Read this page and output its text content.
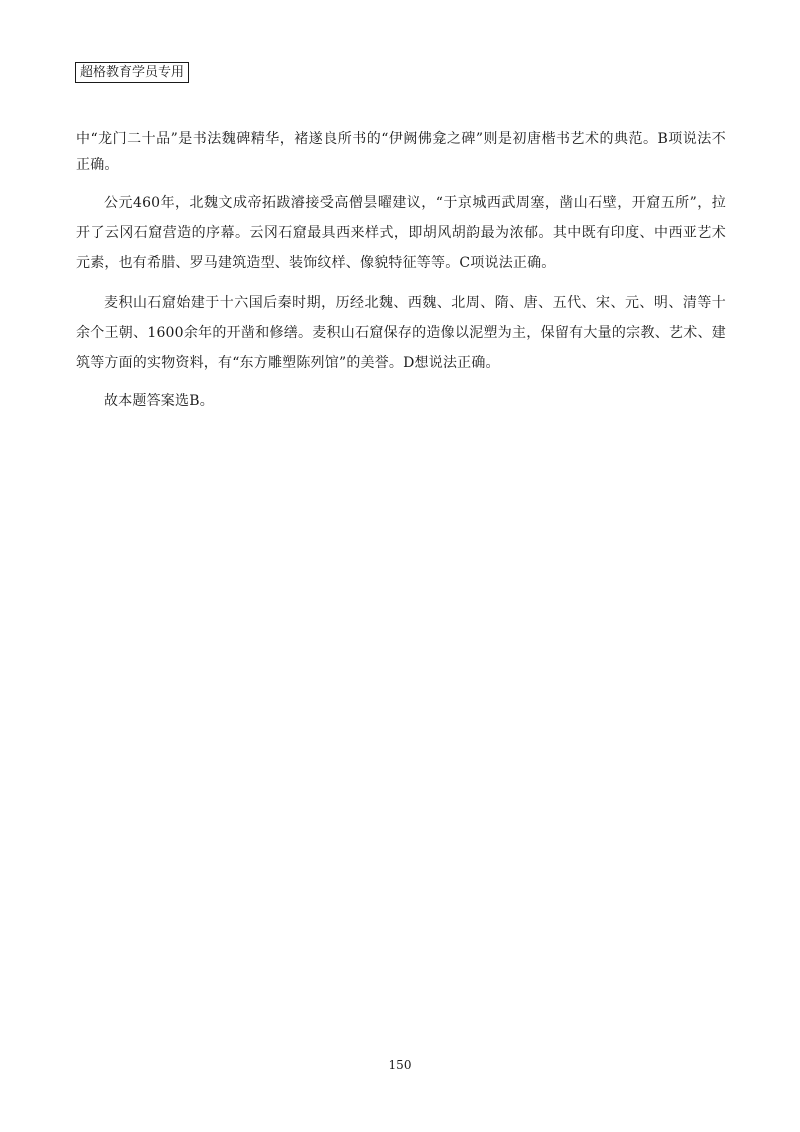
超格教育学员专用

中“龙门二十品”是书法魏碑精华，褚遂良所书的“伊阙佛龛之碑”则是初唐楷书艺术的典范。B项说法不正确。

公元460年，北魏文成帝拓跋濬接受高僧昙曜建议，“于京城西武周塞，凿山石壁，开窟五所”，拉开了云冈石窟营造的序幕。云冈石窟最具西来样式，即胡风胡韵最为浓郁。其中既有印度、中西亚艺术元素，也有希腊、罗马建筑造型、装饰纹样、像貌特征等等。C项说法正确。

麦积山石窟始建于十六国后秦时期，历经北魏、西魏、北周、隋、唐、五代、宋、元、明、清等十余个王朝、1600余年的开凿和修缮。麦积山石窟保存的造像以泥塑为主，保留有大量的宗教、艺术、建筑等方面的实物资料，有“东方雕塑陈列馆”的美誉。D想说法正确。

故本题答案选B。

150
